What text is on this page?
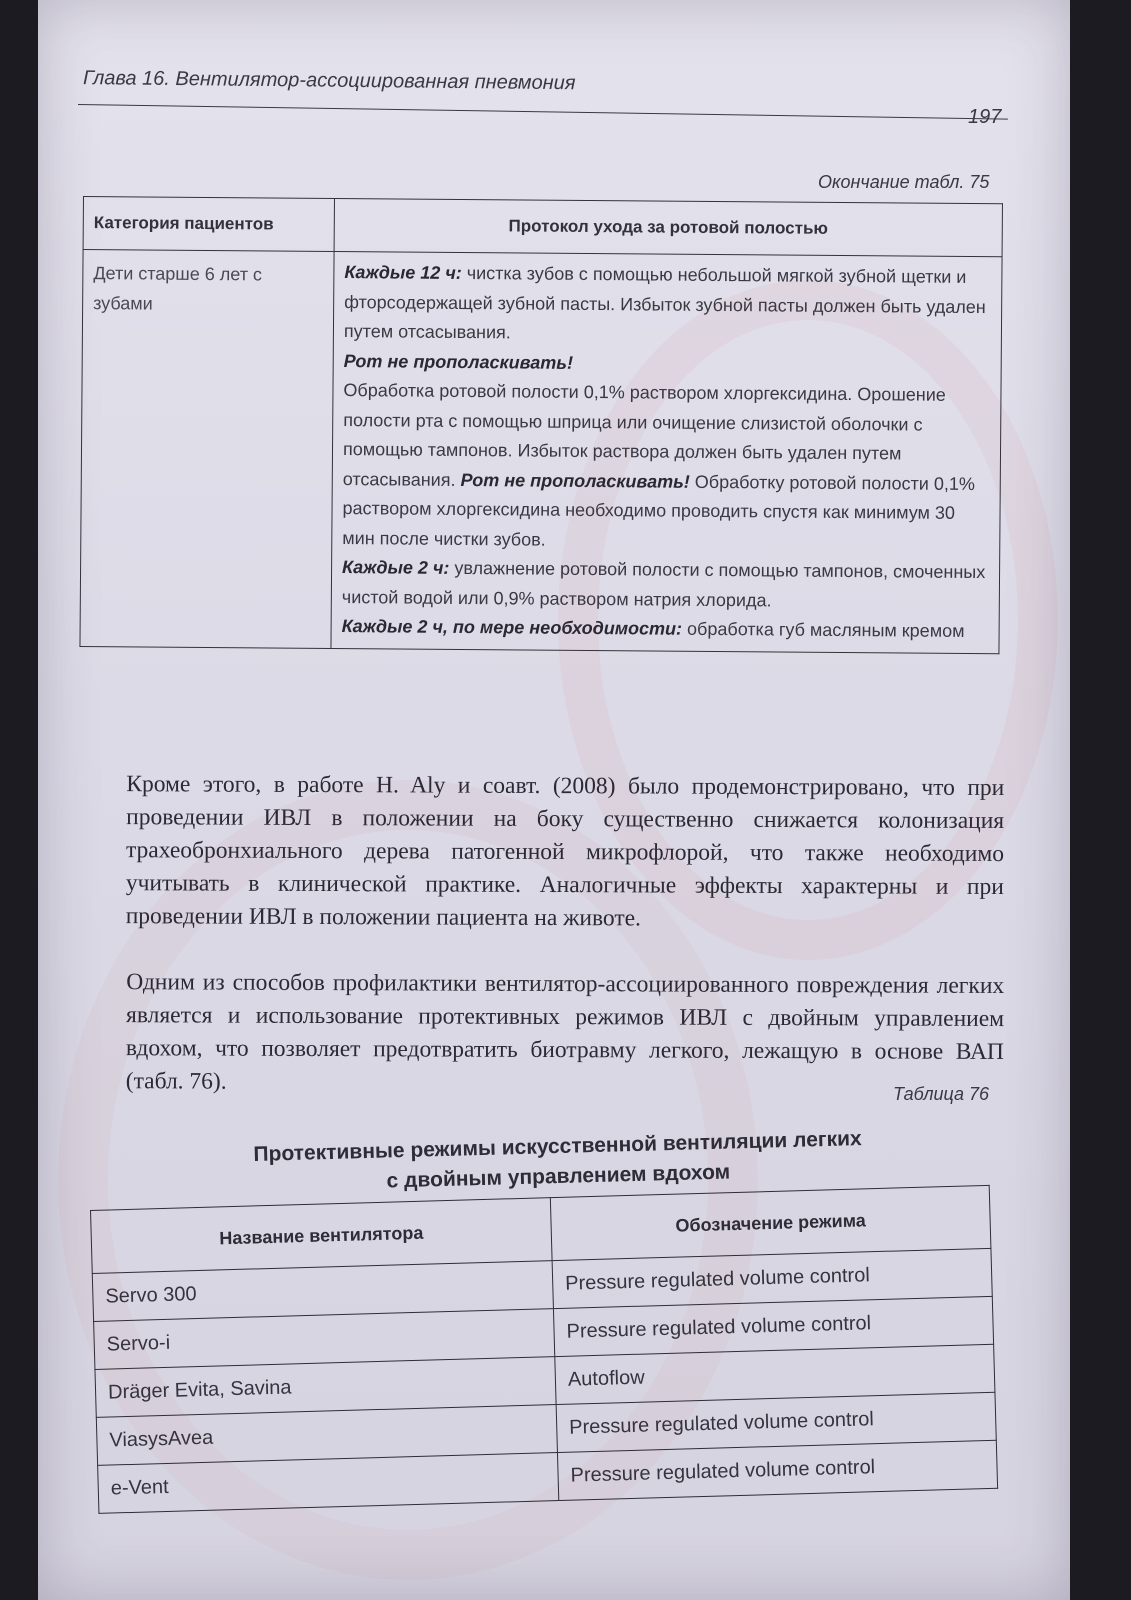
Глава 16. Вентилятор-ассоциированная пневмония
197
Окончание табл. 75
Категория пациентов	Протокол ухода за ротовой полостью
Дети старше 6 лет с зубами	Каждые 12 ч: чистка зубов с помощью небольшой мягкой зубной щетки и фторсодержащей зубной пасты. Избыток зубной пасты должен быть удален путем отсасывания.
Рот не прополаскивать!
Обработка ротовой полости 0,1% раствором хлоргексидина. Орошение полости рта с помощью шприца или очищение слизистой оболочки с помощью тампонов. Избыток раствора должен быть удален путем отсасывания. Рот не прополаскивать! Обработку ротовой полости 0,1% раствором хлоргексидина необходимо проводить спустя как минимум 30 мин после чистки зубов.
Каждые 2 ч: увлажнение ротовой полости с помощью тампонов, смоченных чистой водой или 0,9% раствором натрия хлорида.
Каждые 2 ч, по мере необходимости: обработка губ масляным кремом
Кроме этого, в работе H. Aly и соавт. (2008) было продемонстрировано, что при проведении ИВЛ в положении на боку существенно снижается колонизация трахеобронхиального дерева патогенной микрофлорой, что также необходимо учитывать в клинической практике. Аналогичные эффекты характерны и при проведении ИВЛ в положении пациента на животе.
Одним из способов профилактики вентилятор-ассоциированного повреждения легких является и использование протективных режимов ИВЛ с двойным управлением вдохом, что позволяет предотвратить биотравму легкого, лежащую в основе ВАП (табл. 76).	Таблица 76
Протективные режимы искусственной вентиляции легких
с двойным управлением вдохом
Название вентилятора	Обозначение режима
Servo 300	Pressure regulated volume control
Servo-i	Pressure regulated volume control
Dräger Evita, Savina	Autoflow
ViasysAvea	Pressure regulated volume control
e-Vent	Pressure regulated volume control
